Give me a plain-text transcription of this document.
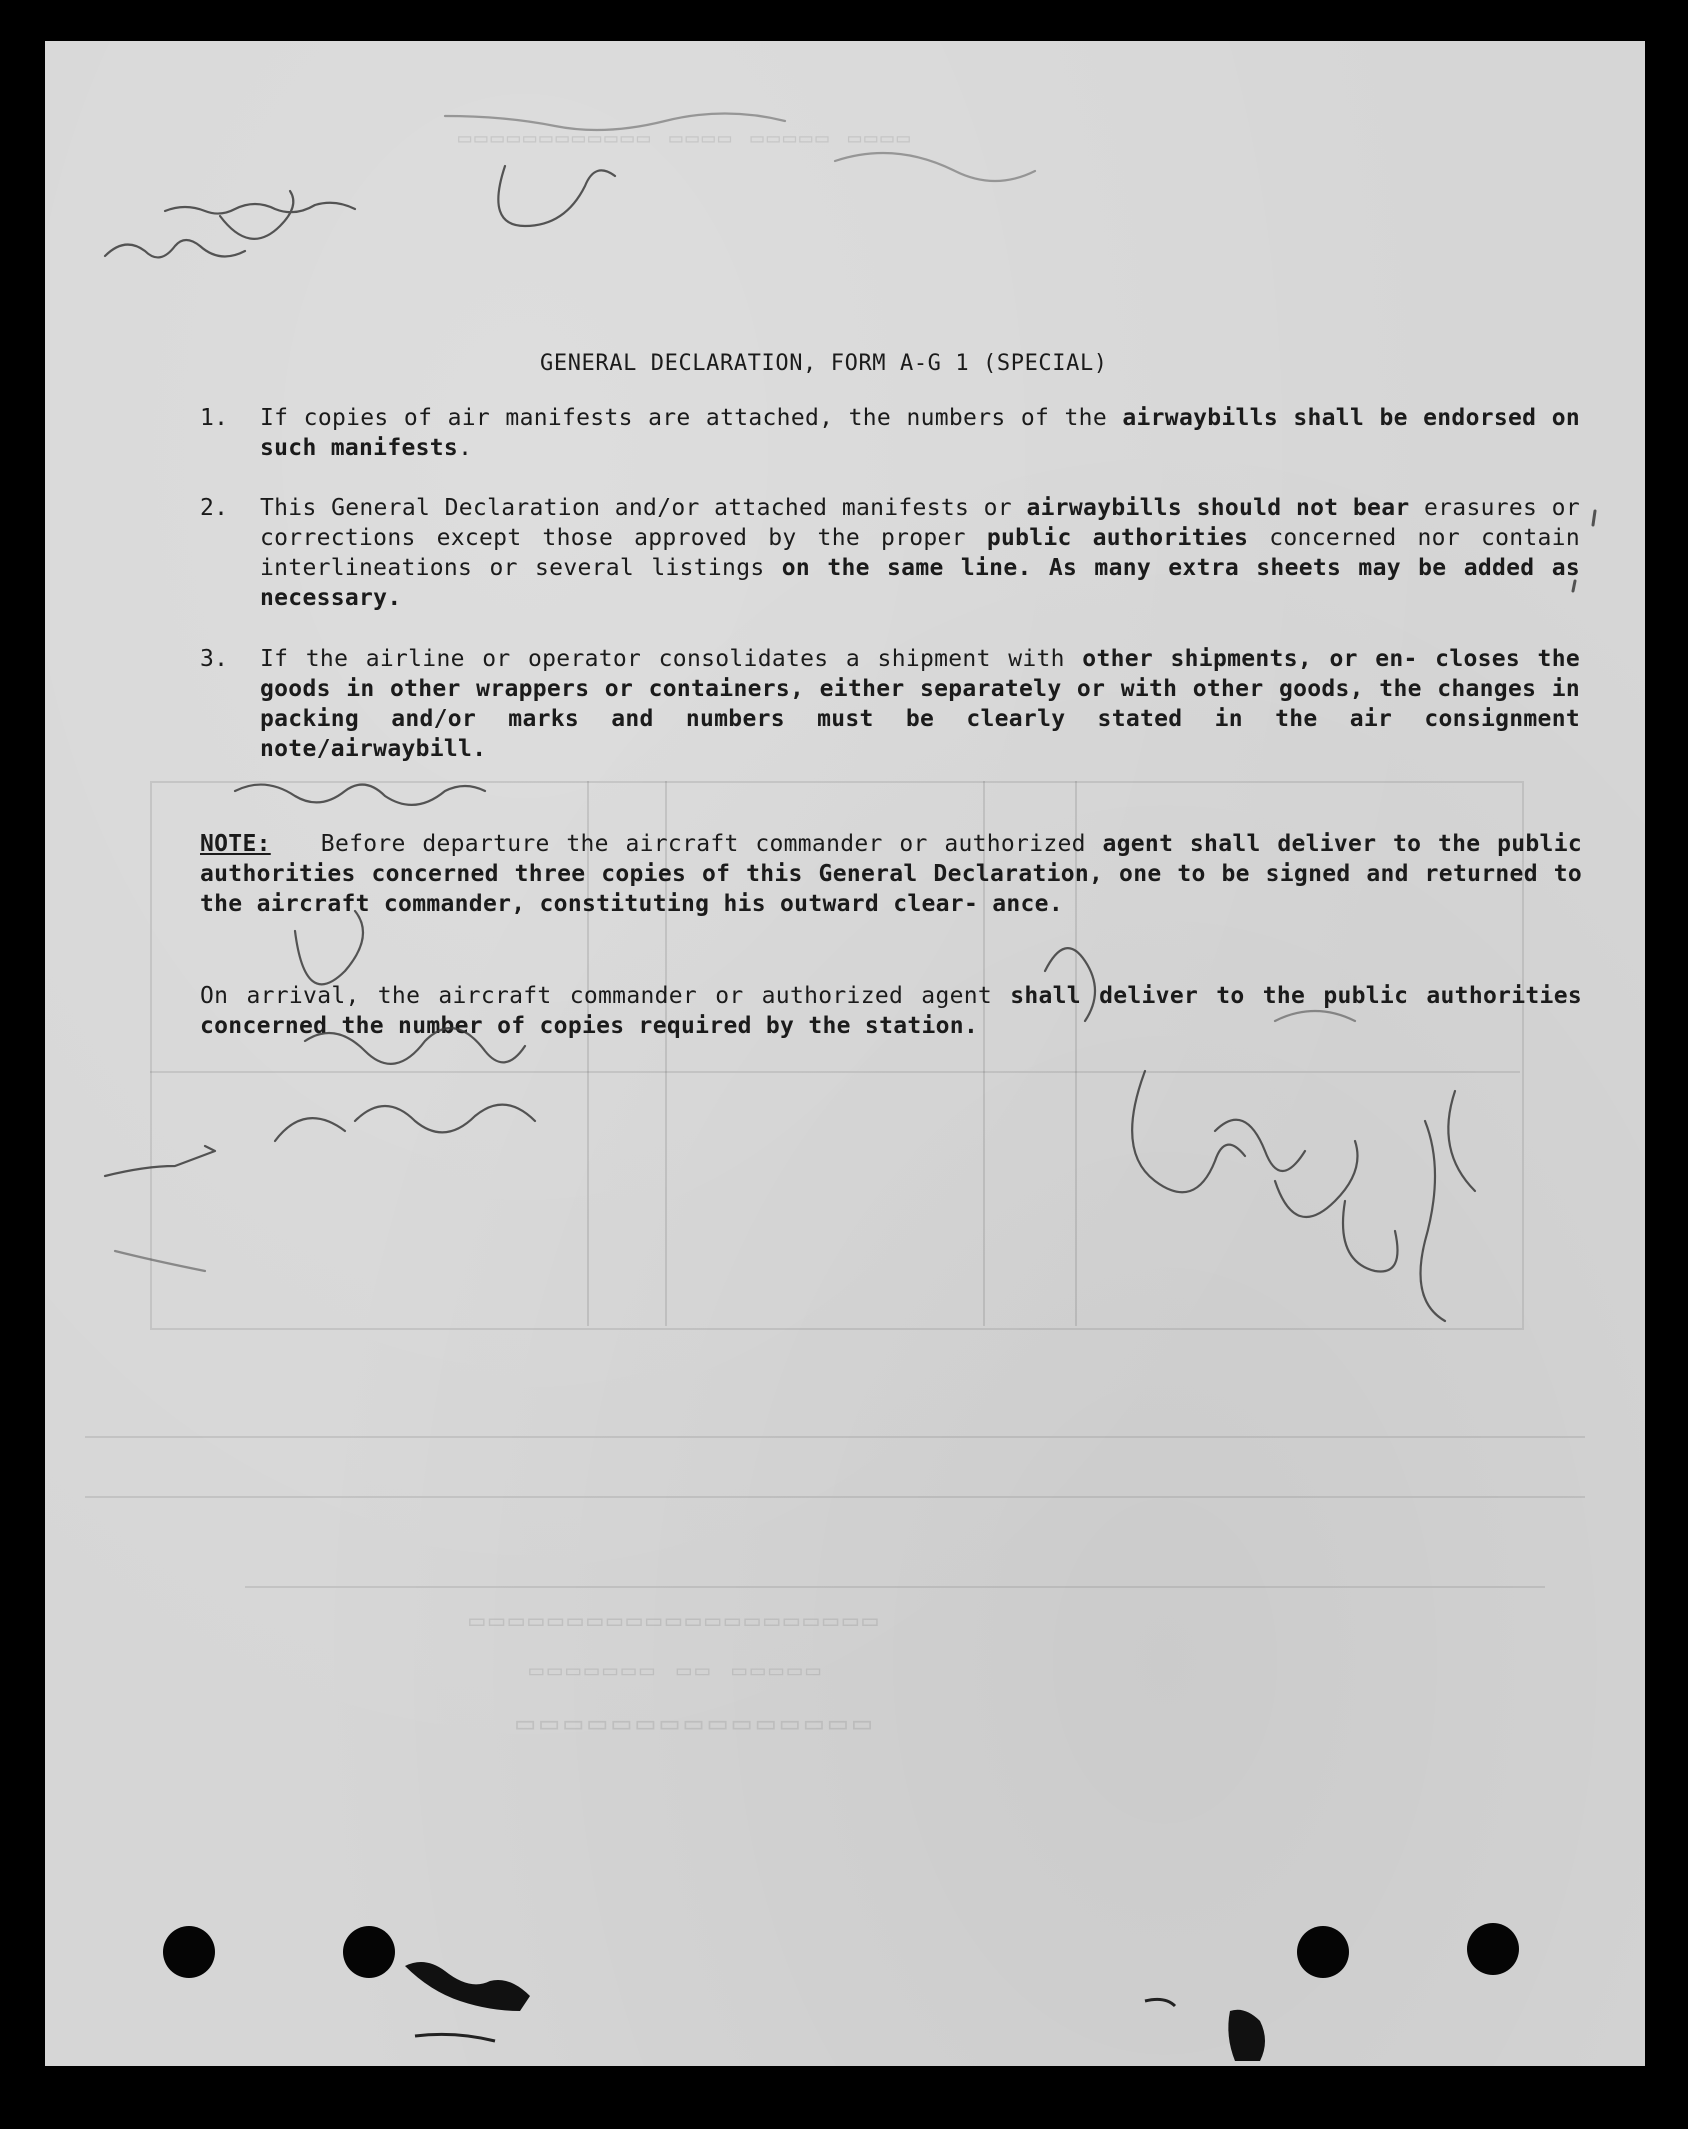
▭▭▭▭ ▭▭▭▭▭ ▭▭▭▭ ▭▭▭▭▭▭▭▭▭▭▭▭
▭▭▭▭▭▭▭▭▭▭▭▭▭▭▭▭▭▭▭▭▭
▭▭▭▭▭ ▭▭ ▭▭▭▭▭▭▭
▭▭▭▭▭▭▭▭▭▭▭▭▭▭▭
GENERAL DECLARATION, FORM A-G 1 (SPECIAL)
1.	If copies of air manifests are attached, the numbers of the airwaybills shall be endorsed on such manifests.
2.	This General Declaration and/or attached manifests or airwaybills should not bear erasures or corrections except those approved by the proper public authorities concerned nor contain interlineations or several listings on the same line. As many extra sheets may be added as necessary.
3.	If the airline or operator consolidates a shipment with other shipments, or en- closes the goods in other wrappers or containers, either separately or with other goods, the changes in packing and/or marks and numbers must be clearly stated in the air consignment note/airwaybill.
NOTE: Before departure the aircraft commander or authorized agent shall deliver to the public authorities concerned three copies of this General Declaration, one to be signed and returned to the aircraft commander, constituting his outward clear- ance.
On arrival, the aircraft commander or authorized agent shall deliver to the public authorities concerned the number of copies required by the station.
